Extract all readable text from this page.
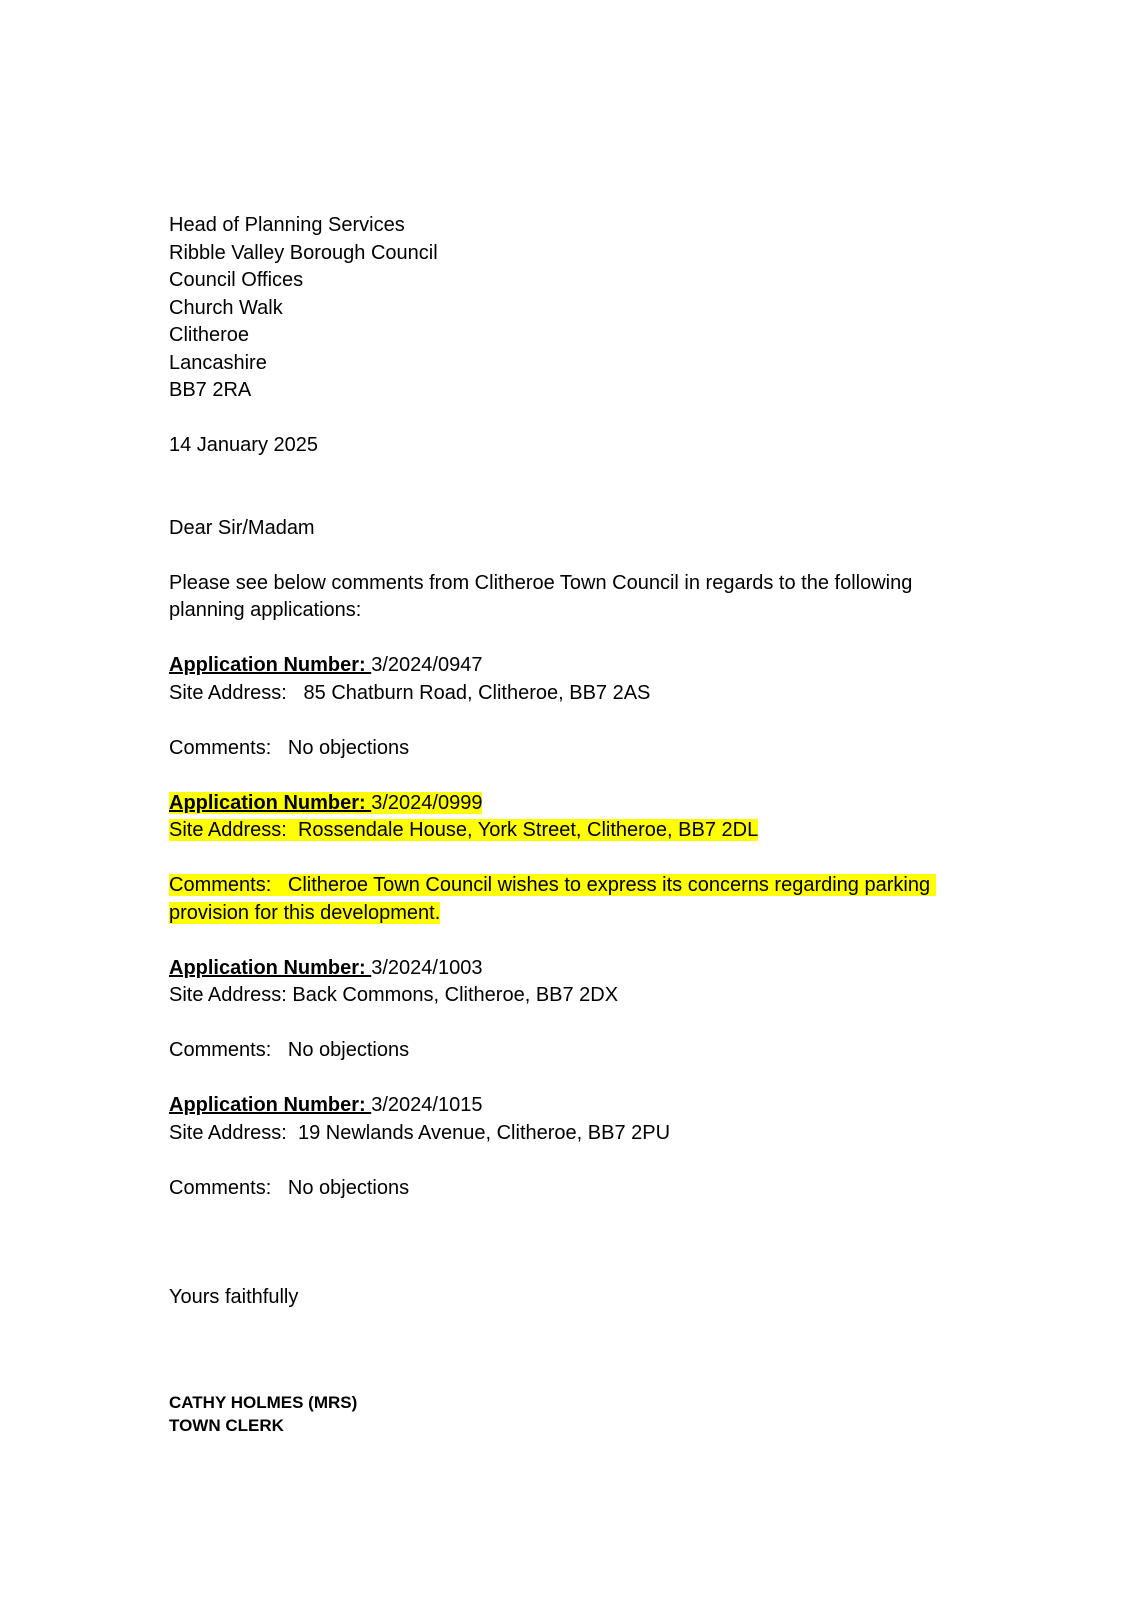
Head of Planning Services

Ribble Valley Borough Council

Council Offices

Church Walk

Clitheroe

Lancashire

BB7 2RA

14 January 2025

Dear Sir/Madam

Please see below comments from Clitheroe Town Council in regards to the following planning applications:

Application Number: 3/2024/0947

Site Address:   85 Chatburn Road, Clitheroe, BB7 2AS

Comments:   No objections

Application Number: 3/2024/0999

Site Address:  Rossendale House, York Street, Clitheroe, BB7 2DL

Comments:   Clitheroe Town Council wishes to express its concerns regarding parking provision for this development.

Application Number: 3/2024/1003

Site Address: Back Commons, Clitheroe, BB7 2DX

Comments:   No objections

Application Number: 3/2024/1015

Site Address:  19 Newlands Avenue, Clitheroe, BB7 2PU

Comments:   No objections

Yours faithfully

CATHY HOLMES (MRS)

TOWN CLERK
